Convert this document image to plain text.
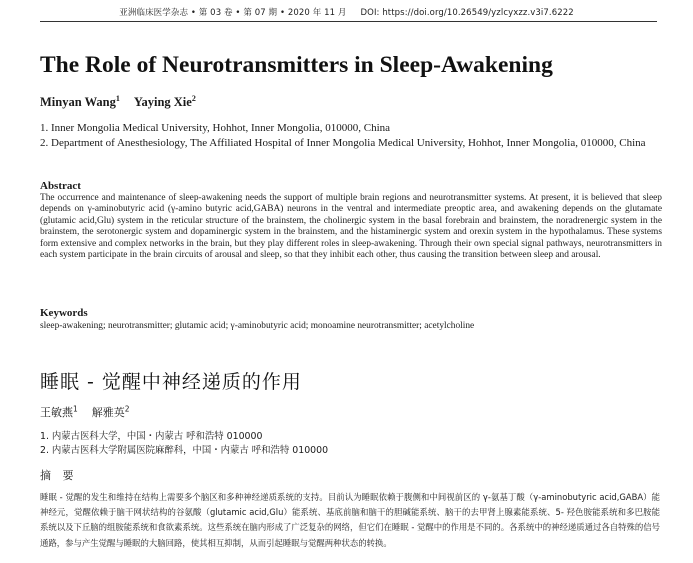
亚洲临床医学杂志 • 第 03 卷 • 第 07 期 • 2020 年 11 月 DOI: https://doi.org/10.26549/yzlcyxzz.v3i7.6222
The Role of Neurotransmitters in Sleep-Awakening
Minyan Wang$^1$ Yaying Xie$^2$
1. Inner Mongolia Medical University, Hohhot, Inner Mongolia, 010000, China
2. Department of Anesthesiology, The Affiliated Hospital of Inner Mongolia Medical University, Hohhot, Inner Mongolia, 010000, China
Abstract
The occurrence and maintenance of sleep-awakening needs the support of multiple brain regions and neurotransmitter systems. At present, it is believed that sleep depends on γ-aminobutyric acid (γ-amino butyric acid,GABA) neurons in the ventral and intermediate preoptic area, and awakening depends on the glutamate (glutamic acid,Glu) system in the reticular structure of the brainstem, the cholinergic system in the basal forebrain and brainstem, the noradrenergic system in the brainstem, the serotonergic system and dopaminergic system in the brainstem, and the histaminergic system and orexin system in the hypothalamus. These systems form extensive and complex networks in the brain, but they play different roles in sleep-awakening. Through their own special signal pathways, neurotransmitters in each system participate in the brain circuits of arousal and sleep, so that they inhibit each other, thus causing the transition between sleep and arousal.
Keywords
sleep-awakening; neurotransmitter; glutamic acid; γ-aminobutyric acid; monoamine neurotransmitter; acetylcholine
睡眠 - 觉醒中神经递质的作用
王敏燕$^1$ 解雅英$^2$
1. 内蒙古医科大学，中国・内蒙古 呼和浩特 010000
2. 内蒙古医科大学附属医院麻醉科，中国・内蒙古 呼和浩特 010000
摘 要
睡眠 - 觉醒的发生和维持在结构上需要多个脑区和多种神经递质系统的支持。目前认为睡眠依赖于腹侧和中间视前区的 γ-氨基丁酸（γ-aminobutyric acid,GABA）能神经元，觉醒依赖于脑干网状结构的谷氨酸（glutamic acid,Glu）能系统、基底前脑和脑干的胆碱能系统、脑干的去甲肾上腺素能系统、5- 羟色胺能系统和多巴胺能系统以及下丘脑的组胺能系统和食欲素系统。这些系统在脑内形成了广泛复杂的网络，但它们在睡眠 - 觉醒中的作用是不同的。各系统中的神经递质通过各自特殊的信号通路，参与产生觉醒与睡眠的大脑回路，使其相互抑制，从而引起睡眠与觉醒两种状态的转换。
